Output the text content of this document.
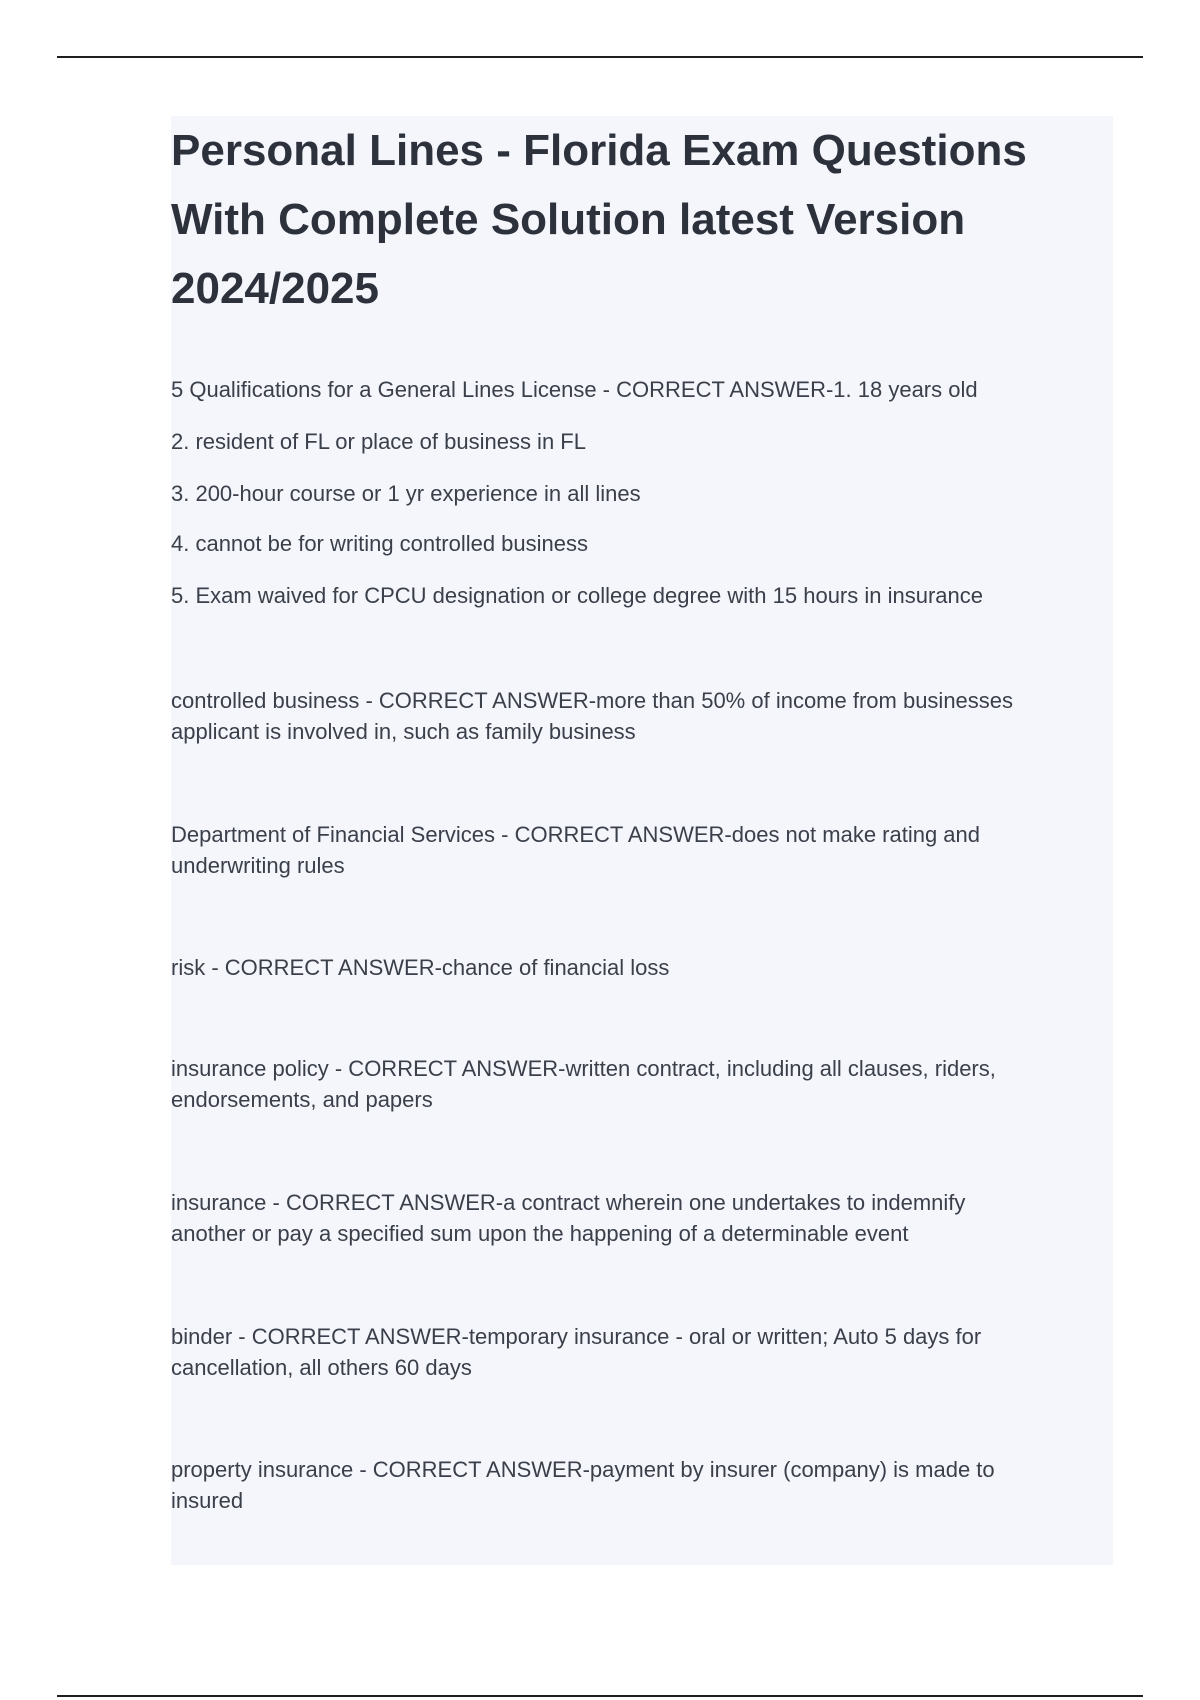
Personal Lines - Florida Exam Questions
With Complete Solution latest Version
2024/2025
5 Qualifications for a General Lines License - CORRECT ANSWER-1. 18 years old
2. resident of FL or place of business in FL
3. 200-hour course or 1 yr experience in all lines
4. cannot be for writing controlled business
5. Exam waived for CPCU designation or college degree with 15 hours in insurance
controlled business - CORRECT ANSWER-more than 50% of income from businesses
applicant is involved in, such as family business
Department of Financial Services - CORRECT ANSWER-does not make rating and
underwriting rules
risk - CORRECT ANSWER-chance of financial loss
insurance policy - CORRECT ANSWER-written contract, including all clauses, riders,
endorsements, and papers
insurance - CORRECT ANSWER-a contract wherein one undertakes to indemnify
another or pay a specified sum upon the happening of a determinable event
binder - CORRECT ANSWER-temporary insurance - oral or written; Auto 5 days for
cancellation, all others 60 days
property insurance - CORRECT ANSWER-payment by insurer (company) is made to
insured
